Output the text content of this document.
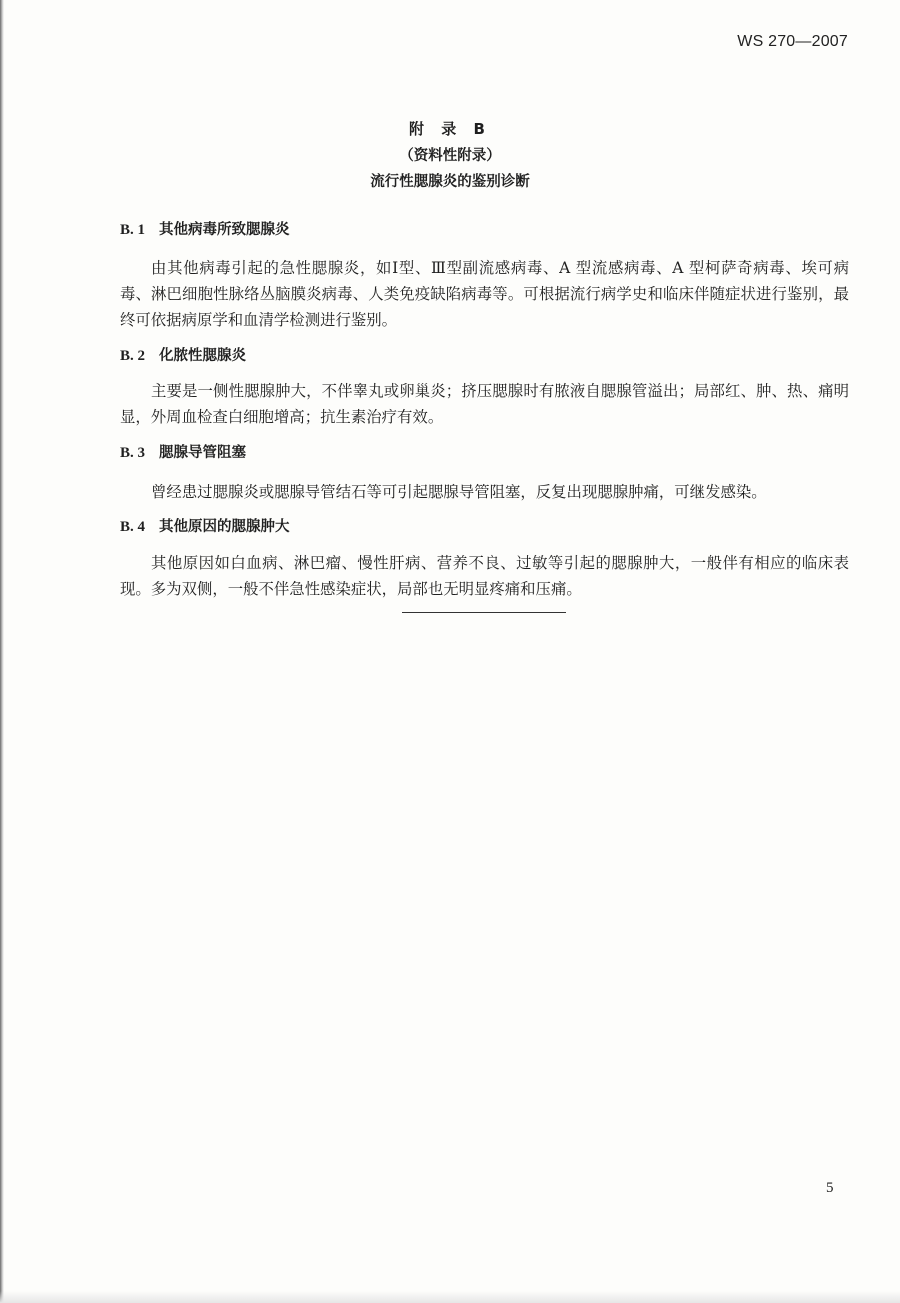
WS 270—2007
附 录 B
（资料性附录）
流行性腮腺炎的鉴别诊断
B. 1 其他病毒所致腮腺炎

由其他病毒引起的急性腮腺炎，如Ⅰ型、Ⅲ型副流感病毒、A 型流感病毒、A 型柯萨奇病毒、埃可病毒、淋巴细胞性脉络丛脑膜炎病毒、人类免疫缺陷病毒等。可根据流行病学史和临床伴随症状进行鉴别，最终可依据病原学和血清学检测进行鉴别。

B. 2 化脓性腮腺炎

主要是一侧性腮腺肿大，不伴睾丸或卵巢炎；挤压腮腺时有脓液自腮腺管溢出；局部红、肿、热、痛明显，外周血检查白细胞增高；抗生素治疗有效。

B. 3 腮腺导管阻塞

曾经患过腮腺炎或腮腺导管结石等可引起腮腺导管阻塞，反复出现腮腺肿痛，可继发感染。

B. 4 其他原因的腮腺肿大

其他原因如白血病、淋巴瘤、慢性肝病、营养不良、过敏等引起的腮腺肿大，一般伴有相应的临床表现。多为双侧，一般不伴急性感染症状，局部也无明显疼痛和压痛。

5
